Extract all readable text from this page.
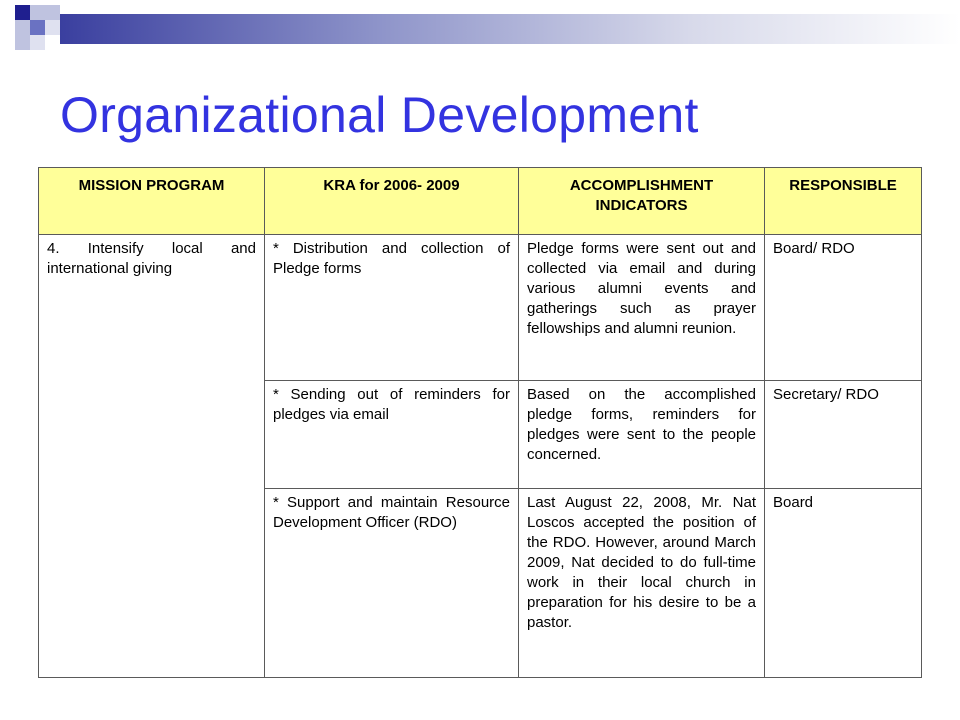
Organizational Development
MISSION PROGRAM	KRA for 2006- 2009	ACCOMPLISHMENT INDICATORS	RESPONSIBLE
4. Intensify local and international giving	* Distribution and collection of Pledge forms	Pledge forms were sent out and collected via email and during various alumni events and gatherings such as prayer fellowships and alumni reunion.	Board/ RDO
	* Sending out of reminders for pledges via email	Based on the accomplished pledge forms, reminders for pledges were sent to the people concerned.	Secretary/ RDO
	* Support and maintain Resource Development Officer (RDO)	Last August 22, 2008, Mr. Nat Loscos accepted the position of the RDO. However, around March 2009, Nat decided to do full-time work in their local church in preparation for his desire to be a pastor.	Board
